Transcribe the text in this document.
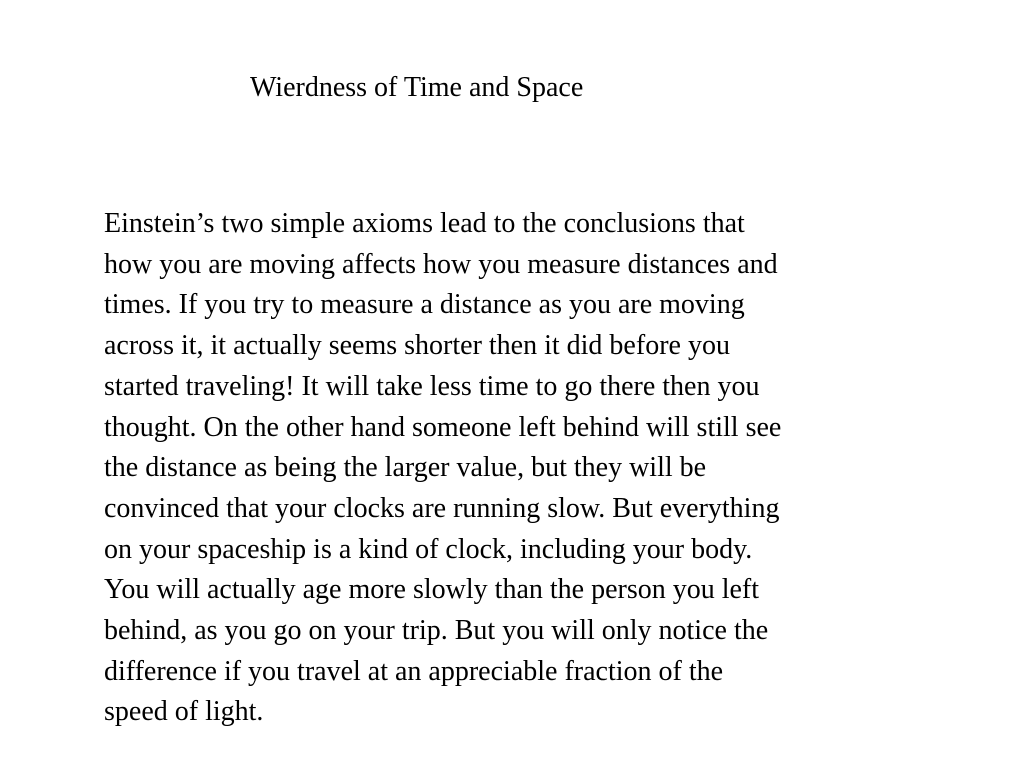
Wierdness of Time and Space
Einstein’s two simple axioms lead to the conclusions that
how you are moving affects how you measure distances and
times. If you try to measure a distance as you are moving
across it, it actually seems shorter then it did before you
started traveling! It will take less time to go there then you
thought. On the other hand someone left behind will still see
the distance as being the larger value, but they will be
convinced that your clocks are running slow. But everything
on your spaceship is a kind of clock, including your body.
You will actually age more slowly than the person you left
behind, as you go on your trip. But you will only notice the
difference if you travel at an appreciable fraction of the
speed of light.
